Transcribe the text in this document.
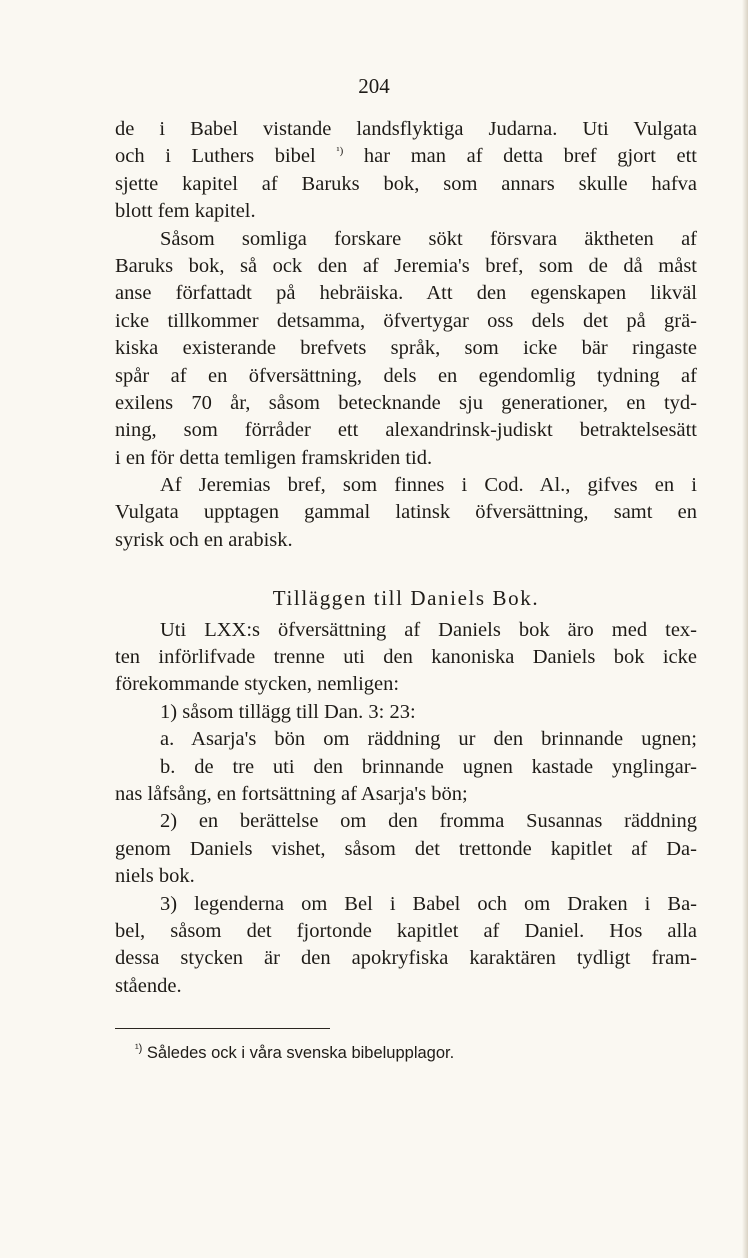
204
de i Babel vistande landsflyktiga Judarna. Uti Vulgata
och i Luthers bibel $^{^1)}$ har man af detta bref gjort ett
sjette kapitel af Baruks bok, som annars skulle hafva
blott fem kapitel.
Såsom somliga forskare sökt försvara äktheten af
Baruks bok, så ock den af Jeremia's bref, som de då måst
anse författadt på hebräiska. Att den egenskapen likväl
icke tillkommer detsamma, öfvertygar oss dels det på grä-
kiska existerande brefvets språk, som icke bär ringaste
spår af en öfversättning, dels en egendomlig tydning af
exilens 70 år, såsom betecknande sju generationer, en tyd-
ning, som förråder ett alexandrinsk-judiskt betraktelsesätt
i en för detta temligen framskriden tid.
Af Jeremias bref, som finnes i Cod. Al., gifves en i
Vulgata upptagen gammal latinsk öfversättning, samt en
syrisk och en arabisk.
Tilläggen till Daniels Bok.
Uti LXX:s öfversättning af Daniels bok äro med tex-
ten införlifvade trenne uti den kanoniska Daniels bok icke
förekommande stycken, nemligen:
1) såsom tillägg till Dan. 3: 23:
a. Asarja's bön om räddning ur den brinnande ugnen;
b. de tre uti den brinnande ugnen kastade ynglingar-
nas låfsång, en fortsättning af Asarja's bön;
2) en berättelse om den fromma Susannas räddning
genom Daniels vishet, såsom det trettonde kapitlet af Da-
niels bok.
3) legenderna om Bel i Babel och om Draken i Ba-
bel, såsom det fjortonde kapitlet af Daniel. Hos alla
dessa stycken är den apokryfiska karaktären tydligt fram-
stående.
$^{^1)}$ Således ock i våra svenska bibelupplagor.
